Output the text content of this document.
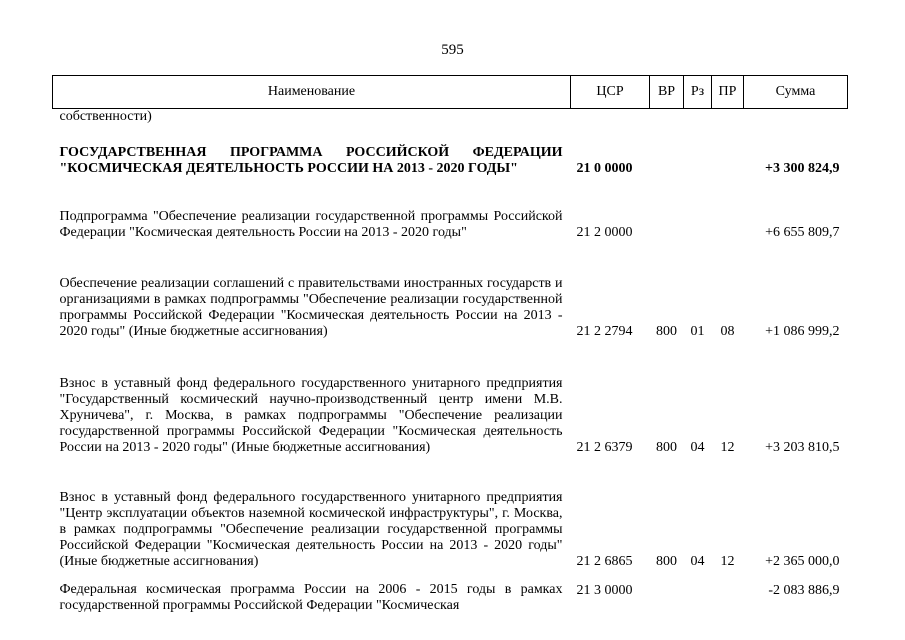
595
Наименование	ЦСР	ВР	Рз	ПР	Сумма
собственности)					
ГОСУДАРСТВЕННАЯ ПРОГРАММА РОССИЙСКОЙ ФЕДЕРАЦИИ "КОСМИЧЕСКАЯ ДЕЯТЕЛЬНОСТЬ РОССИИ НА 2013 - 2020 ГОДЫ"	21 0 0000				+3 300 824,9
Подпрограмма "Обеспечение реализации государственной программы Российской Федерации "Космическая деятельность России на 2013 - 2020 годы"	21 2 0000				+6 655 809,7
Обеспечение реализации соглашений с правительствами иностранных государств и организациями в рамках подпрограммы "Обеспечение реализации государственной программы Российской Федерации "Космическая деятельность России на 2013 - 2020 годы" (Иные бюджетные ассигнования)	21 2 2794	800	01	08	+1 086 999,2
Взнос в уставный фонд федерального государственного унитарного предприятия "Государственный космический научно-производственный центр имени М.В. Хруничева", г. Москва, в рамках подпрограммы "Обеспечение реализации государственной программы Российской Федерации "Космическая деятельность России на 2013 - 2020 годы" (Иные бюджетные ассигнования)	21 2 6379	800	04	12	+3 203 810,5
Взнос в уставный фонд федерального государственного унитарного предприятия "Центр эксплуатации объектов наземной космической инфраструктуры", г. Москва, в рамках подпрограммы "Обеспечение реализации государственной программы Российской Федерации "Космическая деятельность России на 2013 - 2020 годы" (Иные бюджетные ассигнования)	21 2 6865	800	04	12	+2 365 000,0
Федеральная космическая программа России на 2006 - 2015 годы в рамках государственной программы Российской Федерации "Космическая	21 3 0000				-2 083 886,9
